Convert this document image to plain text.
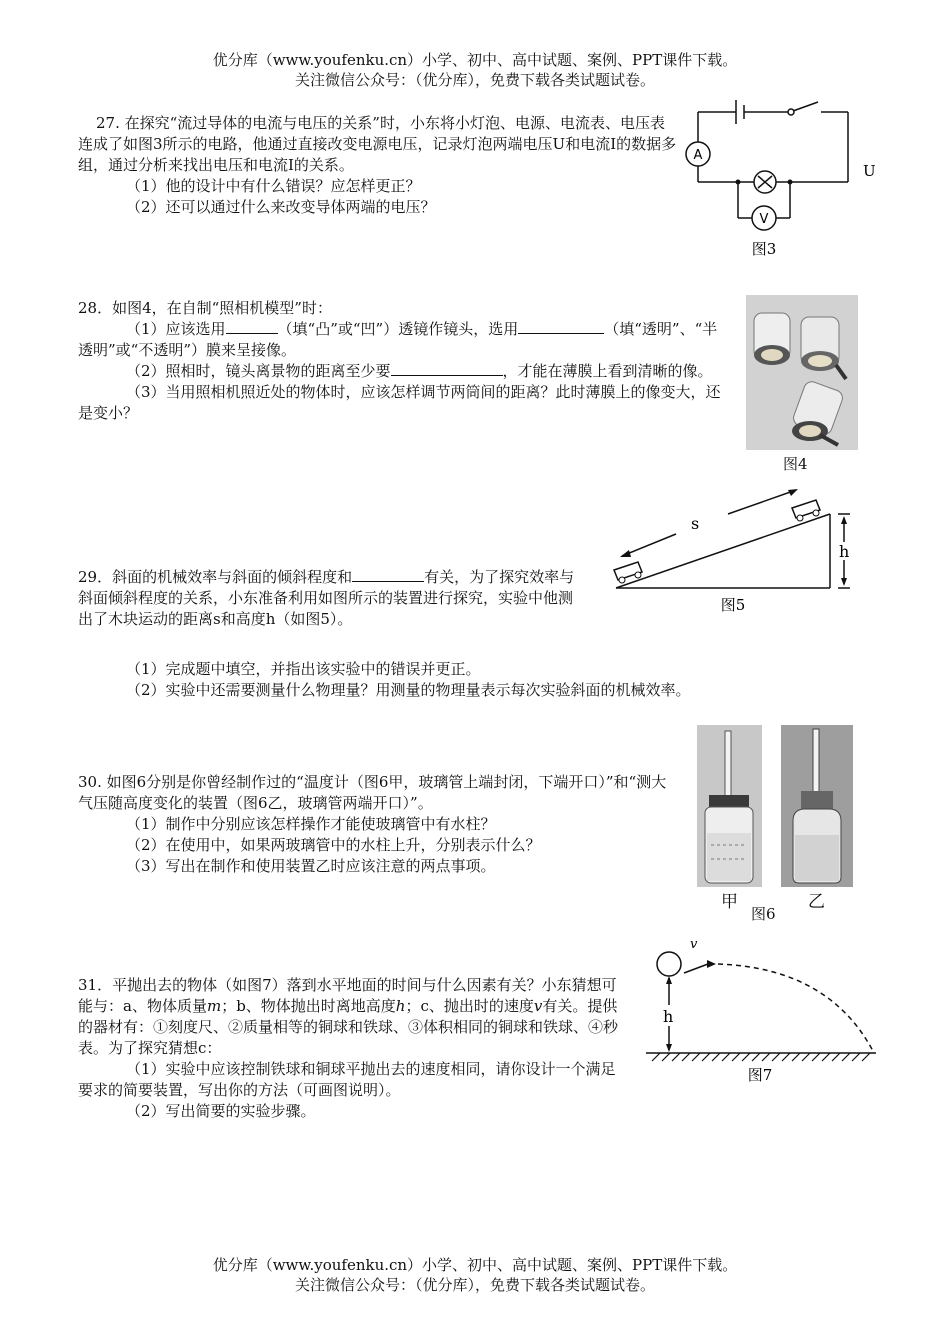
优分库（www.youfenku.cn）小学、初中、高中试题、案例、PPT课件下载。
关注微信公众号：（优分库），免费下载各类试题试卷。

27. 在探究“流过导体的电流与电压的关系”时，小东将小灯泡、电源、电流表、电压表连成了如图3所示的电路，他通过直接改变电源电压，记录灯泡两端电压U和电流I的数据多组，通过分析来找出电压和电流I的关系。

（1）他的设计中有什么错误？应怎样更正？

（2）还可以通过什么来改变导体两端的电压？

A
V
图3
U

28．如图4，在自制“照相机模型”时：

（1）应该选用	（填“凸”或“凹”）透镜作镜头，选用	（填“透明”、“半透明”或“不透明”）膜来呈接像。

（2）照相时，镜头离景物的距离至少要	，才能在薄膜上看到清晰的像。

（3）当用照相机照近处的物体时，应该怎样调节两筒间的距离？此时薄膜上的像变大，还是变小？

图4
s
h
图5

29．斜面的机械效率与斜面的倾斜程度和	有关，为了探究效率与斜面倾斜程度的关系，小东准备利用如图所示的装置进行探究，实验中他测出了木块运动的距离s和高度h（如图5）。

（1）完成题中填空，并指出该实验中的错误并更正。

（2）实验中还需要测量什么物理量？用测量的物理量表示每次实验斜面的机械效率。

30. 如图6分别是你曾经制作过的“温度计（图6甲，玻璃管上端封闭，下端开口）”和“测大气压随高度变化的装置（图6乙，玻璃管两端开口）”。

（1）制作中分别应该怎样操作才能使玻璃管中有水柱？

（2）在使用中，如果两玻璃管中的水柱上升，分别表示什么？

（3）写出在制作和使用装置乙时应该注意的两点事项。

甲	乙
图6

31．平抛出去的物体（如图7）落到水平地面的时间与什么因素有关？小东猜想可能与：a、物体质量m；b、物体抛出时离地高度h；c、抛出时的速度v有关。提供的器材有：①刻度尺、②质量相等的铜球和铁球、③体积相同的铜球和铁球、④秒表。为了探究猜想c：

（1）实验中应该控制铁球和铜球平抛出去的速度相同，请你设计一个满足要求的简要装置，写出你的方法（可画图说明）。

（2）写出简要的实验步骤。

v
h
图7
优分库（www.youfenku.cn）小学、初中、高中试题、案例、PPT课件下载。
关注微信公众号：（优分库），免费下载各类试题试卷。
